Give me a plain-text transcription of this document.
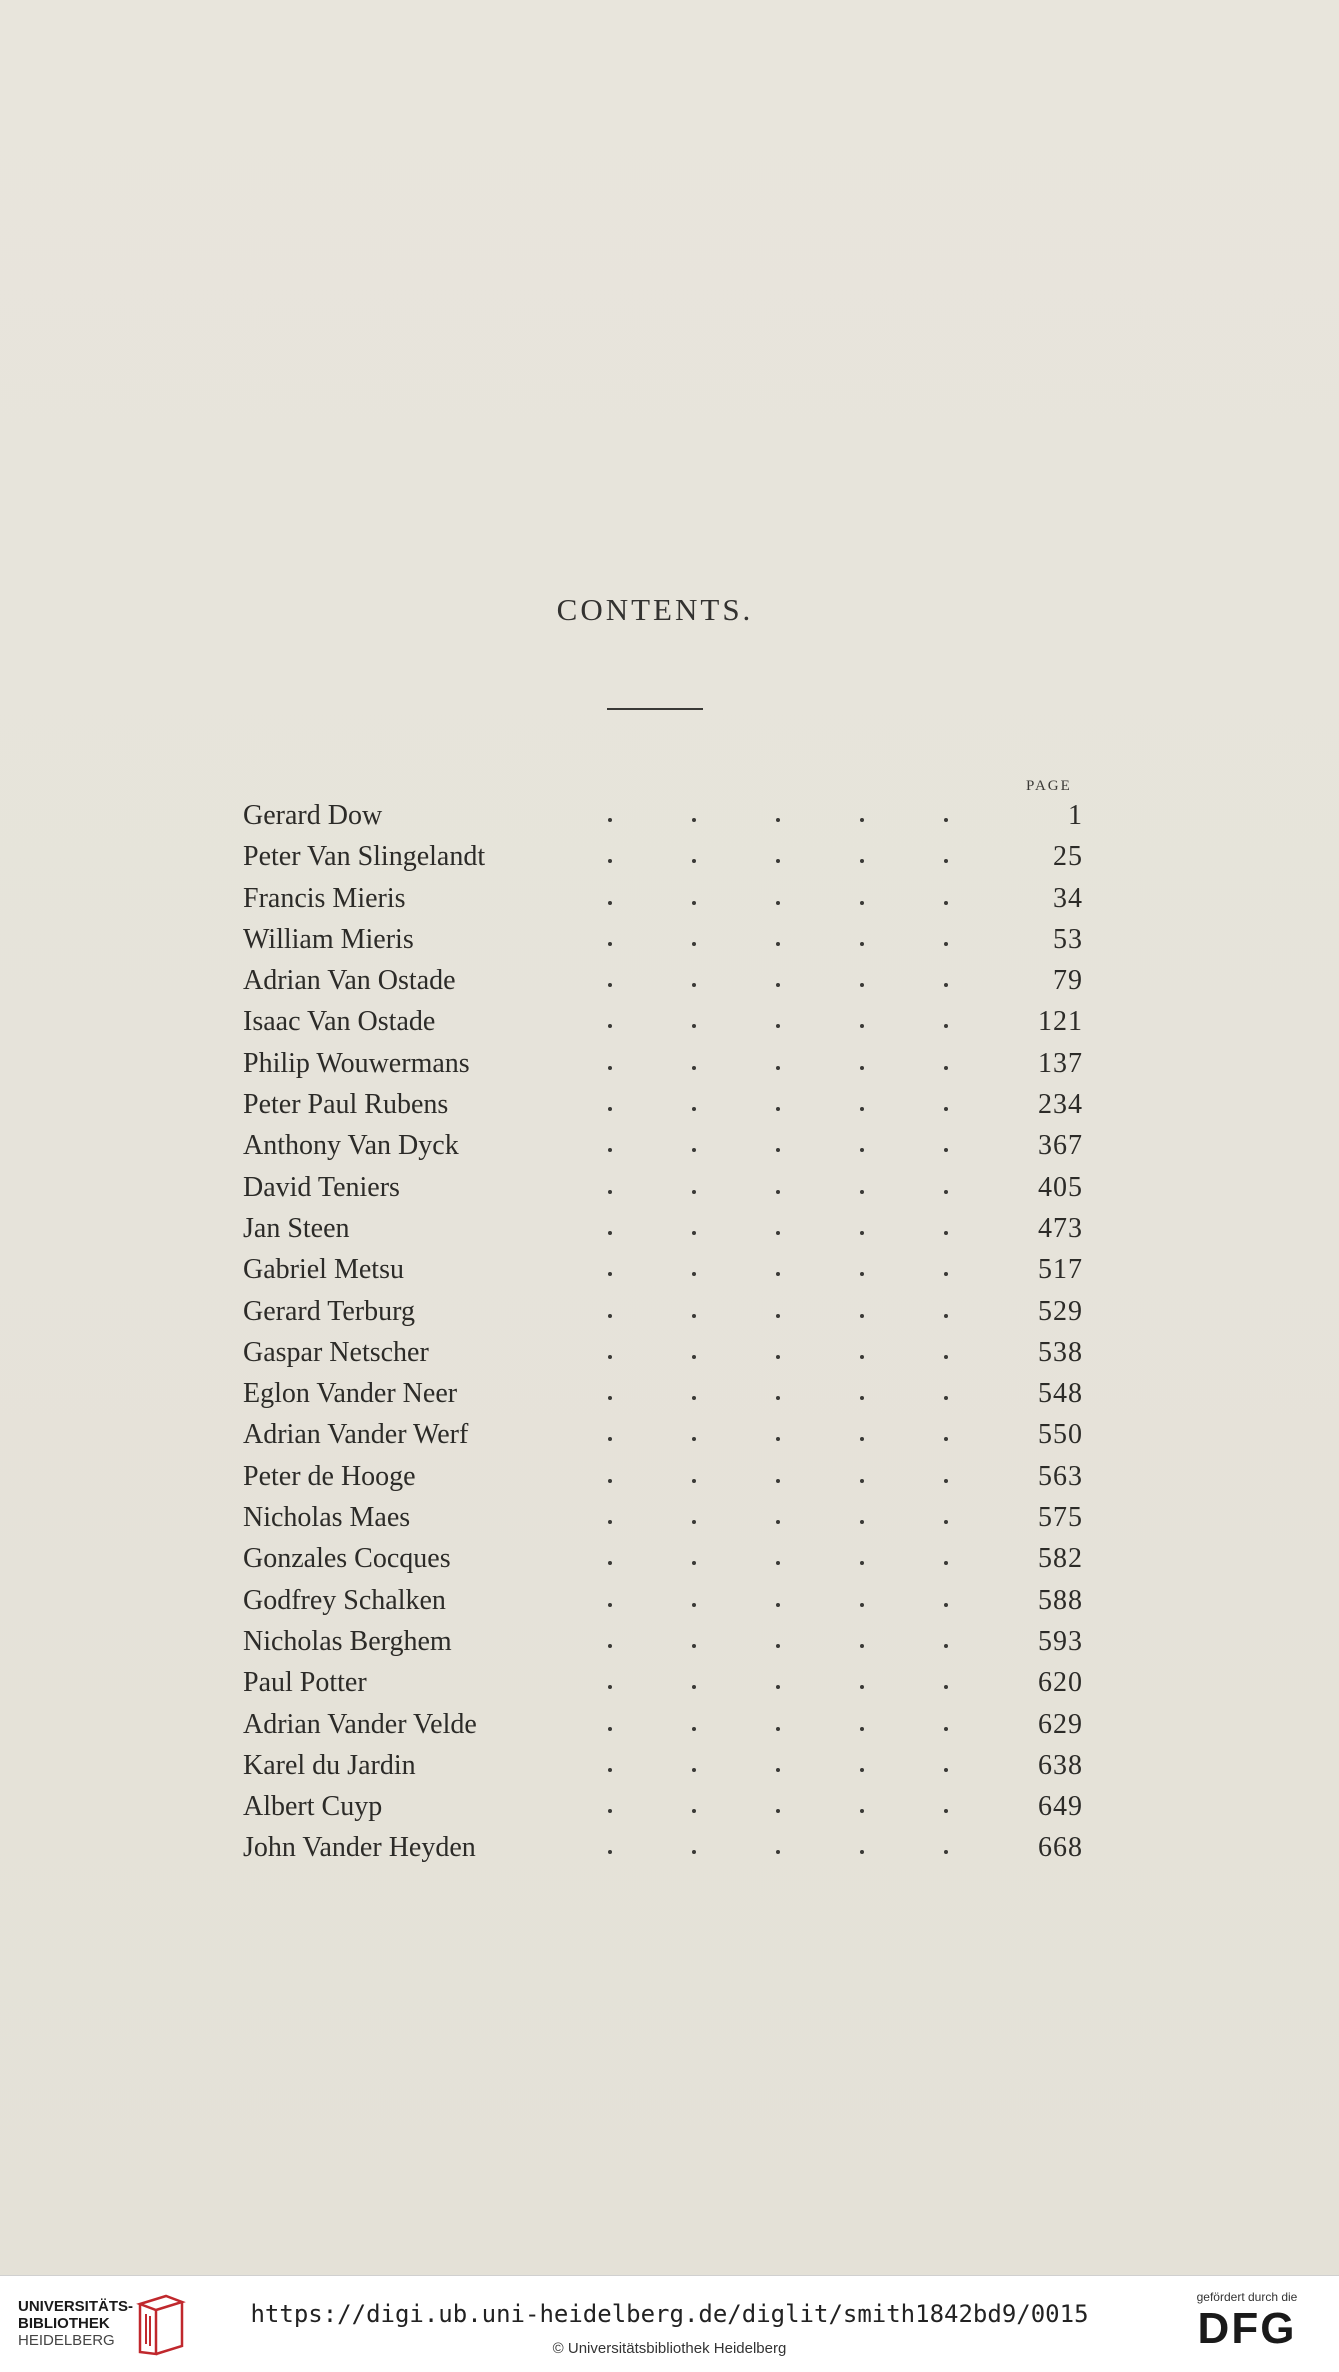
CONTENTS.
PAGE
Gerard Dow	1
Peter Van Slingelandt	25
Francis Mieris	34
William Mieris	53
Adrian Van Ostade	79
Isaac Van Ostade	121
Philip Wouwermans	137
Peter Paul Rubens	234
Anthony Van Dyck	367
David Teniers	405
Jan Steen	473
Gabriel Metsu	517
Gerard Terburg	529
Gaspar Netscher	538
Eglon Vander Neer	548
Adrian Vander Werf	550
Peter de Hooge	563
Nicholas Maes	575
Gonzales Cocques	582
Godfrey Schalken	588
Nicholas Berghem	593
Paul Potter	620
Adrian Vander Velde	629
Karel du Jardin	638
Albert Cuyp	649
John Vander Heyden	668
UNIVERSITÄTS-
BIBLIOTHEK
HEIDELBERG
https://digi.ub.uni-heidelberg.de/diglit/smith1842bd9/0015
© Universitätsbibliothek Heidelberg
gefördert durch die
DFG
